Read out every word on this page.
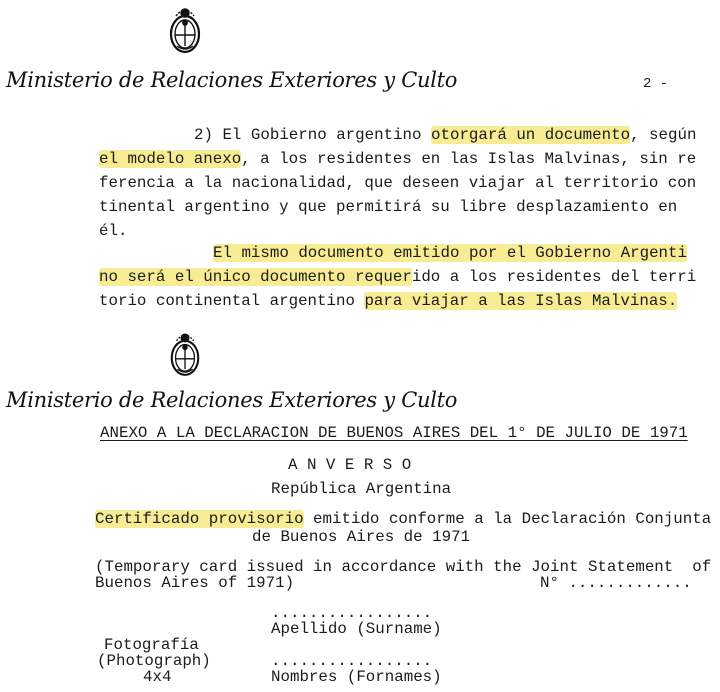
Ministerio de Relaciones Exteriores y Culto	2 -

2) El Gobierno argentino otorgará un documento, según

el modelo anexo, a los residentes en las Islas Malvinas, sin re

ferencia a la nacionalidad, que deseen viajar al territorio con

tinental argentino y que permitirá su libre desplazamiento en

él.

El mismo documento emitido por el Gobierno Argenti

no será el único documento requerido a los residentes del terri

torio continental argentino para viajar a las Islas Malvinas.

Ministerio de Relaciones Exteriores y Culto
ANEXO A LA DECLARACION DE BUENOS AIRES DEL 1° DE JULIO DE 1971
A N V E R S O
República Argentina
Certificado provisorio emitido conforme a la Declaración Conjunta
de Buenos Aires de 1971
(Temporary card issued in accordance with the Joint Statement  of
Buenos Aires of 1971)	N° .............
.................
Apellido (Surname)
Fotografía
(Photograph)
4x4
.................
Nombres (Fornames)
